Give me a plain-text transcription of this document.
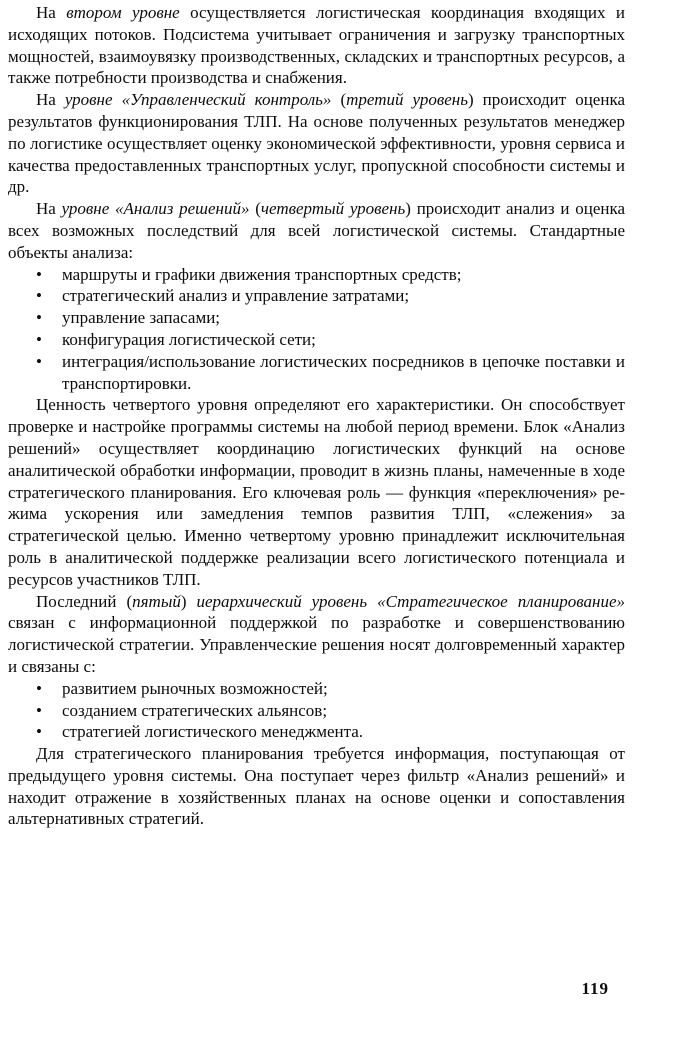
На втором уровне осуществляется логистическая координация входящих и исходящих потоков. Подсистема учитывает ограничения и загрузку транспортных мощностей, взаимоувязку производственных, складских и транспортных ресурсов, а также потребности производства и снабжения.

На уровне «Управленческий контроль» (третий уровень) происходит оценка результатов функционирования ТЛП. На основе полученных результатов менеджер по логистике осуществляет оценку экономической эффективности, уровня сервиса и качества предоставленных транспортных услуг, пропускной способности системы и др.

На уровне «Анализ решений» (четвертый уровень) происходит анализ и оценка всех возможных последствий для всей логистической системы. Стандартные объекты анализа:

• маршруты и графики движения транспортных средств;
• стратегический анализ и управление затратами;
• управление запасами;
• конфигурация логистической сети;
• интеграция/использование логистических посредников в цепочке поставки и транспортировки.

Ценность четвертого уровня определяют его характеристики. Он способствует проверке и настройке программы системы на любой период времени. Блок «Анализ решений» осуществляет координацию логистических функций на основе аналитической обработки информации, проводит в жизнь планы, намеченные в ходе стратегического планирования. Его ключевая роль — функция «переключения» режима ускорения или замедления темпов развития ТЛП, «слежения» за стратегической целью. Именно четвертому уровню принадлежит исключительная роль в аналитической поддержке реализации всего логистического потенциала и ресурсов участников ТЛП.

Последний (пятый) иерархический уровень «Стратегическое планирование» связан с информационной поддержкой по разработке и совершенствованию логистической стратегии. Управленческие решения носят долговременный характер и связаны с:

• развитием рыночных возможностей;
• созданием стратегических альянсов;
• стратегией логистического менеджмента.

Для стратегического планирования требуется информация, поступающая от предыдущего уровня системы. Она поступает через фильтр «Анализ решений» и находит отражение в хозяйственных планах на основе оценки и сопоставления альтернативных стратегий.

119
